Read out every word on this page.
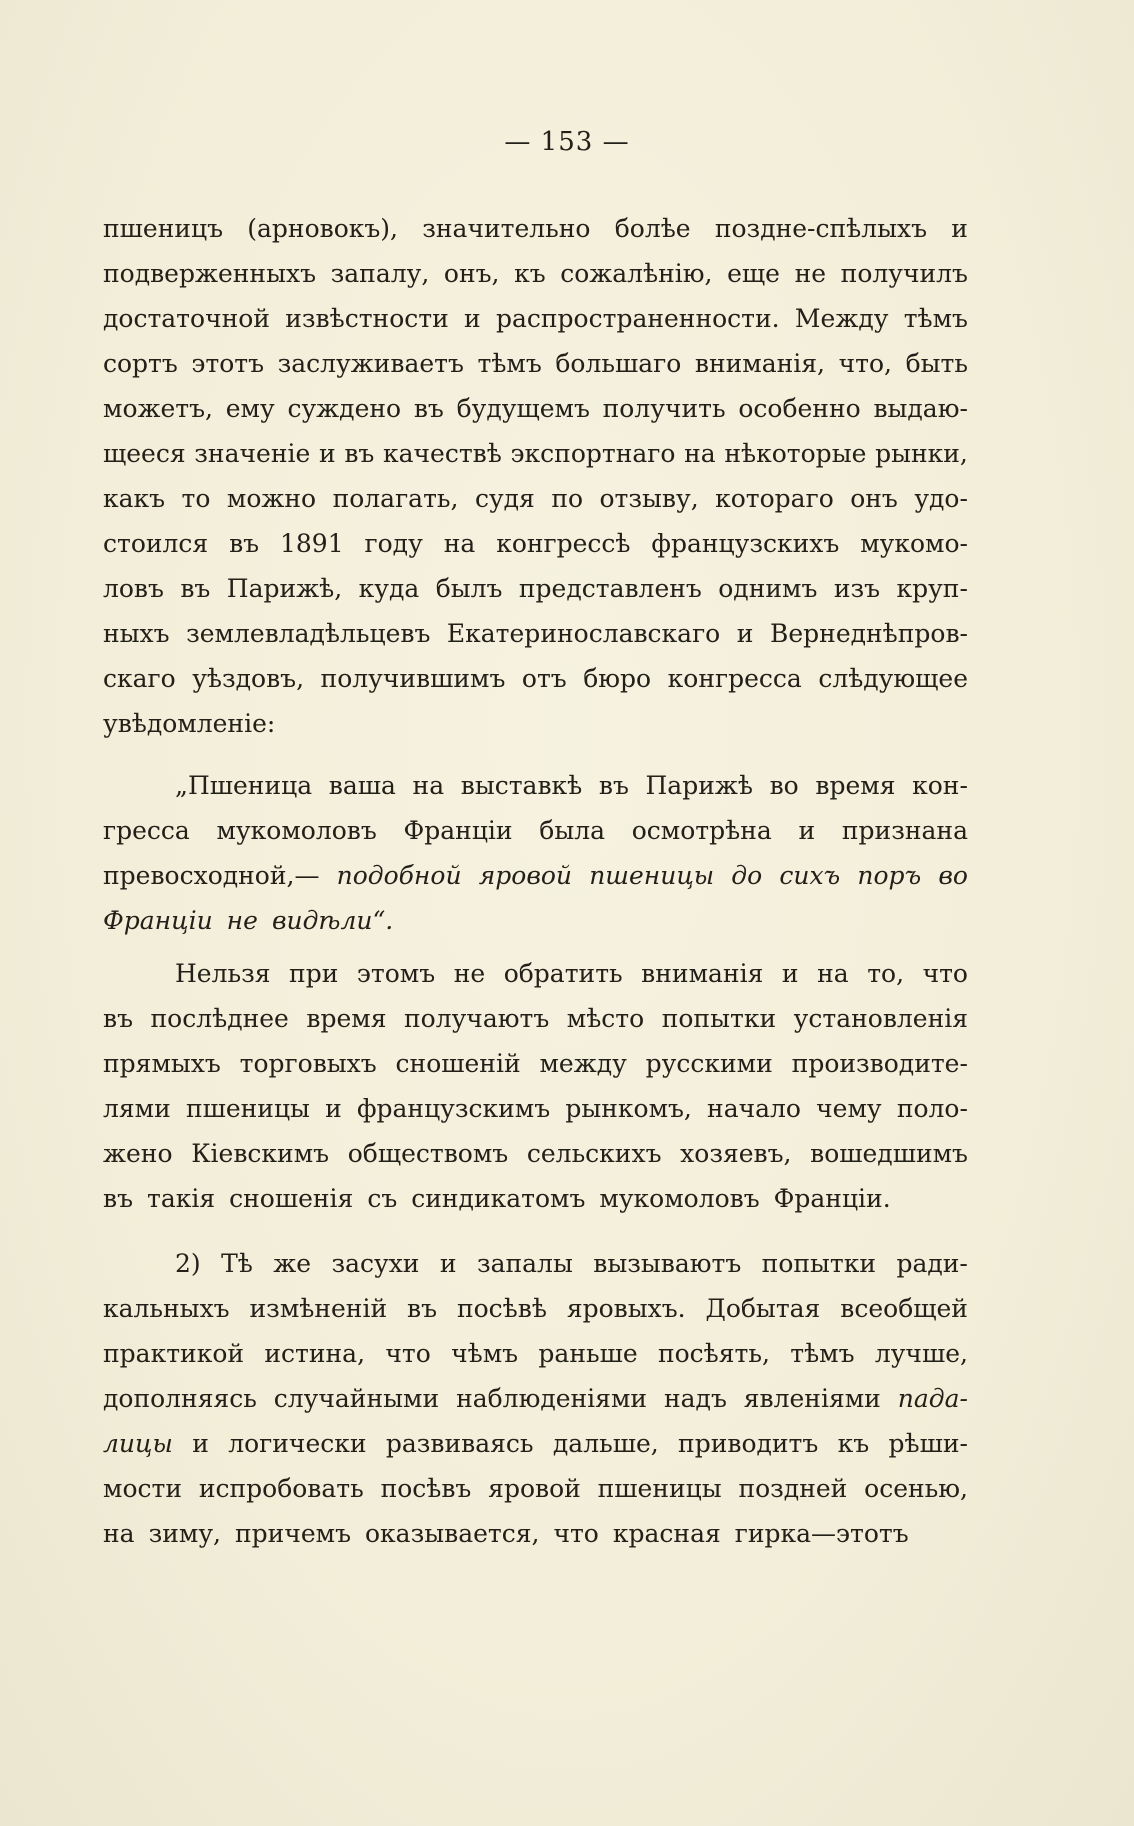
— 153 —
пшеницъ (арновокъ), значительно болѣе поздне-спѣлыхъ и
подверженныхъ запалу, онъ, къ сожалѣнію, еще не получилъ
достаточной извѣстности и распространенности. Между тѣмъ
сортъ этотъ заслуживаетъ тѣмъ большаго вниманія, что, быть
можетъ, ему суждено въ будущемъ получить особенно выдаю-
щееся значеніе и въ качествѣ экспортнаго на нѣкоторые рынки,
какъ то можно полагать, судя по отзыву, котораго онъ удо-
стоился въ 1891 году на конгрессѣ французскихъ мукомо-
ловъ въ Парижѣ, куда былъ представленъ однимъ изъ круп-
ныхъ землевладѣльцевъ Екатеринославскаго и Вернеднѣпров-
скаго уѣздовъ, получившимъ отъ бюро конгресса слѣдующее
увѣдомленіе:
„Пшеница ваша на выставкѣ въ Парижѣ во время кон-
гресса мукомоловъ Франціи была осмотрѣна и признана
превосходной,— подобной яровой пшеницы до сихъ поръ во
Франціи не видѣли“.
Нельзя при этомъ не обратить вниманія и на то, что
въ послѣднее время получаютъ мѣсто попытки установленія
прямыхъ торговыхъ сношеній между русскими производите-
лями пшеницы и французскимъ рынкомъ, начало чему поло-
жено Кіевскимъ обществомъ сельскихъ хозяевъ, вошедшимъ
въ такія сношенія съ синдикатомъ мукомоловъ Франціи.
2) Тѣ же засухи и запалы вызываютъ попытки ради-
кальныхъ измѣненій въ посѣвѣ яровыхъ. Добытая всеобщей
практикой истина, что чѣмъ раньше посѣять, тѣмъ лучше,
дополняясь случайными наблюденіями надъ явленіями пада-
лицы и логически развиваясь дальше, приводитъ къ рѣши-
мости испробовать посѣвъ яровой пшеницы поздней осенью,
на зиму, причемъ оказывается, что красная гирка—этотъ
